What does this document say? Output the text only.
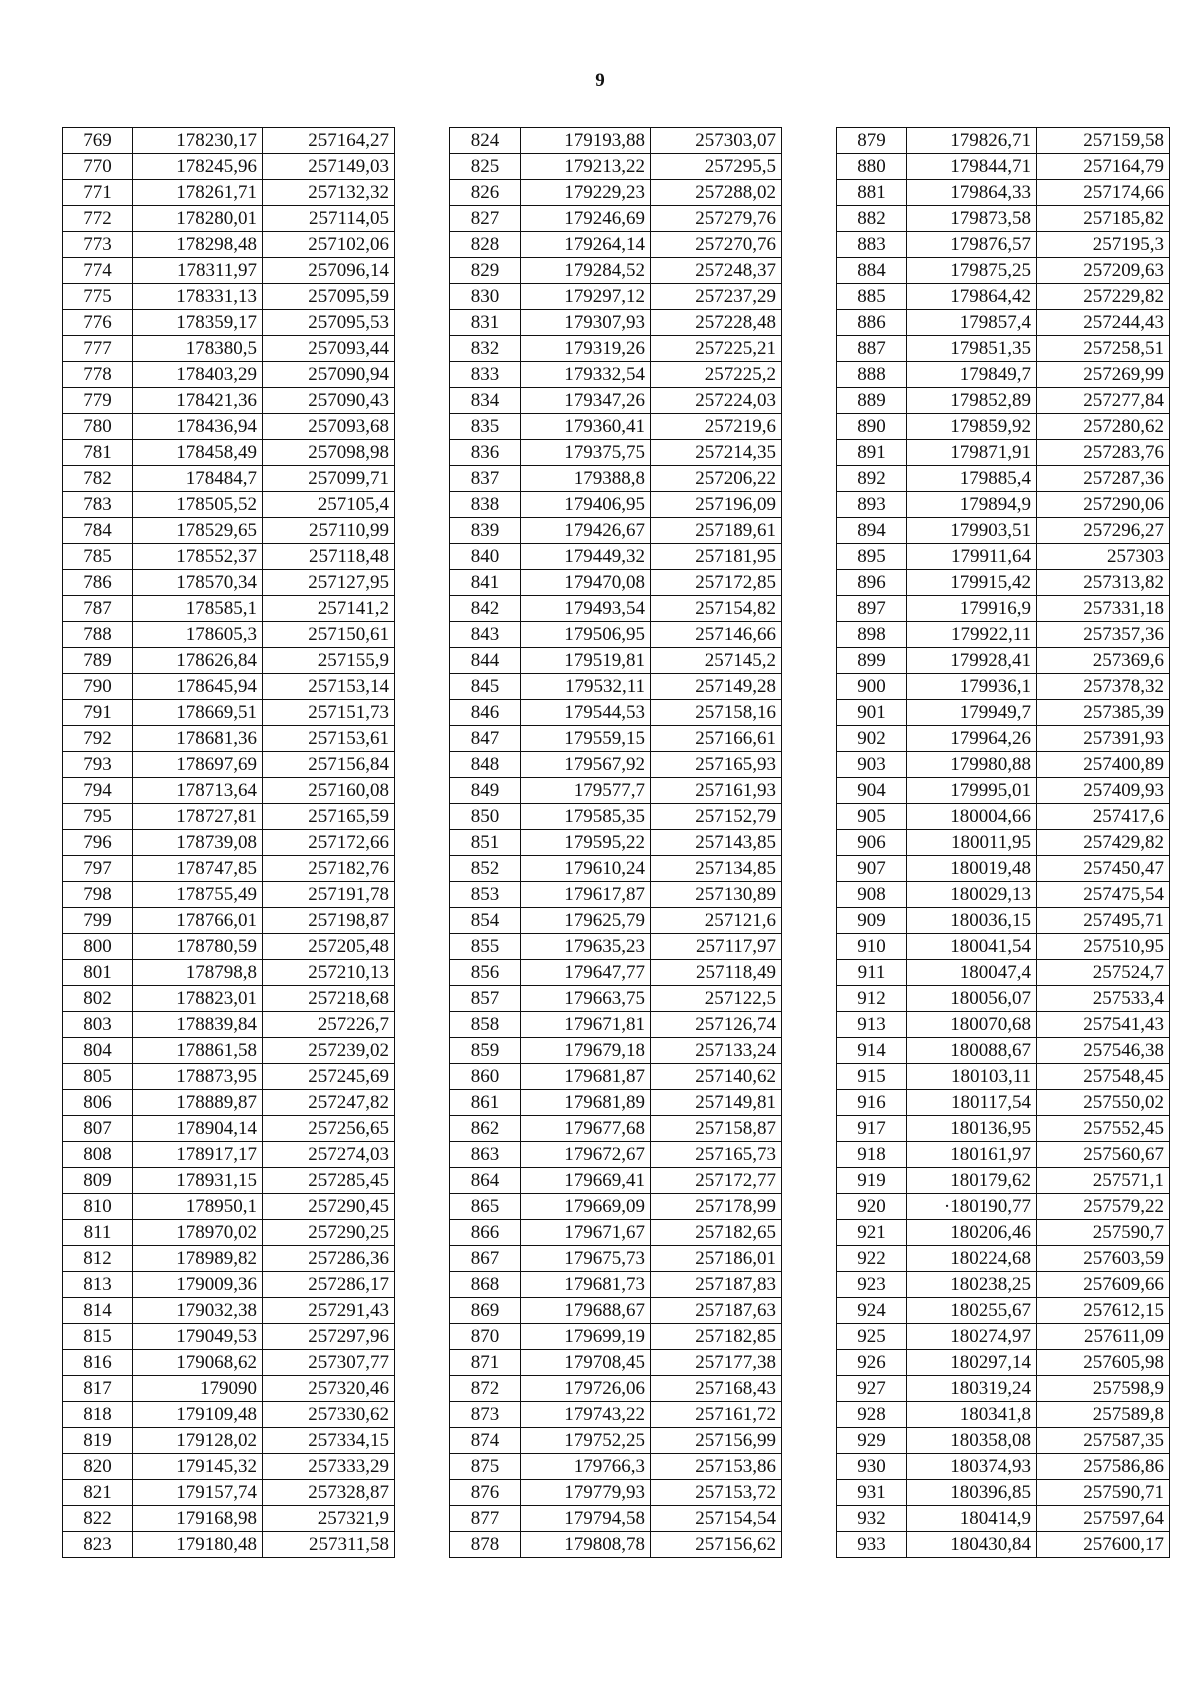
9
769	178230,17	257164,27
770	178245,96	257149,03
771	178261,71	257132,32
772	178280,01	257114,05
773	178298,48	257102,06
774	178311,97	257096,14
775	178331,13	257095,59
776	178359,17	257095,53
777	178380,5	257093,44
778	178403,29	257090,94
779	178421,36	257090,43
780	178436,94	257093,68
781	178458,49	257098,98
782	178484,7	257099,71
783	178505,52	257105,4
784	178529,65	257110,99
785	178552,37	257118,48
786	178570,34	257127,95
787	178585,1	257141,2
788	178605,3	257150,61
789	178626,84	257155,9
790	178645,94	257153,14
791	178669,51	257151,73
792	178681,36	257153,61
793	178697,69	257156,84
794	178713,64	257160,08
795	178727,81	257165,59
796	178739,08	257172,66
797	178747,85	257182,76
798	178755,49	257191,78
799	178766,01	257198,87
800	178780,59	257205,48
801	178798,8	257210,13
802	178823,01	257218,68
803	178839,84	257226,7
804	178861,58	257239,02
805	178873,95	257245,69
806	178889,87	257247,82
807	178904,14	257256,65
808	178917,17	257274,03
809	178931,15	257285,45
810	178950,1	257290,45
811	178970,02	257290,25
812	178989,82	257286,36
813	179009,36	257286,17
814	179032,38	257291,43
815	179049,53	257297,96
816	179068,62	257307,77
817	179090	257320,46
818	179109,48	257330,62
819	179128,02	257334,15
820	179145,32	257333,29
821	179157,74	257328,87
822	179168,98	257321,9
823	179180,48	257311,58
824	179193,88	257303,07
825	179213,22	257295,5
826	179229,23	257288,02
827	179246,69	257279,76
828	179264,14	257270,76
829	179284,52	257248,37
830	179297,12	257237,29
831	179307,93	257228,48
832	179319,26	257225,21
833	179332,54	257225,2
834	179347,26	257224,03
835	179360,41	257219,6
836	179375,75	257214,35
837	179388,8	257206,22
838	179406,95	257196,09
839	179426,67	257189,61
840	179449,32	257181,95
841	179470,08	257172,85
842	179493,54	257154,82
843	179506,95	257146,66
844	179519,81	257145,2
845	179532,11	257149,28
846	179544,53	257158,16
847	179559,15	257166,61
848	179567,92	257165,93
849	179577,7	257161,93
850	179585,35	257152,79
851	179595,22	257143,85
852	179610,24	257134,85
853	179617,87	257130,89
854	179625,79	257121,6
855	179635,23	257117,97
856	179647,77	257118,49
857	179663,75	257122,5
858	179671,81	257126,74
859	179679,18	257133,24
860	179681,87	257140,62
861	179681,89	257149,81
862	179677,68	257158,87
863	179672,67	257165,73
864	179669,41	257172,77
865	179669,09	257178,99
866	179671,67	257182,65
867	179675,73	257186,01
868	179681,73	257187,83
869	179688,67	257187,63
870	179699,19	257182,85
871	179708,45	257177,38
872	179726,06	257168,43
873	179743,22	257161,72
874	179752,25	257156,99
875	179766,3	257153,86
876	179779,93	257153,72
877	179794,58	257154,54
878	179808,78	257156,62
879	179826,71	257159,58
880	179844,71	257164,79
881	179864,33	257174,66
882	179873,58	257185,82
883	179876,57	257195,3
884	179875,25	257209,63
885	179864,42	257229,82
886	179857,4	257244,43
887	179851,35	257258,51
888	179849,7	257269,99
889	179852,89	257277,84
890	179859,92	257280,62
891	179871,91	257283,76
892	179885,4	257287,36
893	179894,9	257290,06
894	179903,51	257296,27
895	179911,64	257303
896	179915,42	257313,82
897	179916,9	257331,18
898	179922,11	257357,36
899	179928,41	257369,6
900	179936,1	257378,32
901	179949,7	257385,39
902	179964,26	257391,93
903	179980,88	257400,89
904	179995,01	257409,93
905	180004,66	257417,6
906	180011,95	257429,82
907	180019,48	257450,47
908	180029,13	257475,54
909	180036,15	257495,71
910	180041,54	257510,95
911	180047,4	257524,7
912	180056,07	257533,4
913	180070,68	257541,43
914	180088,67	257546,38
915	180103,11	257548,45
916	180117,54	257550,02
917	180136,95	257552,45
918	180161,97	257560,67
919	180179,62	257571,1
920	·180190,77	257579,22
921	180206,46	257590,7
922	180224,68	257603,59
923	180238,25	257609,66
924	180255,67	257612,15
925	180274,97	257611,09
926	180297,14	257605,98
927	180319,24	257598,9
928	180341,8	257589,8
929	180358,08	257587,35
930	180374,93	257586,86
931	180396,85	257590,71
932	180414,9	257597,64
933	180430,84	257600,17
